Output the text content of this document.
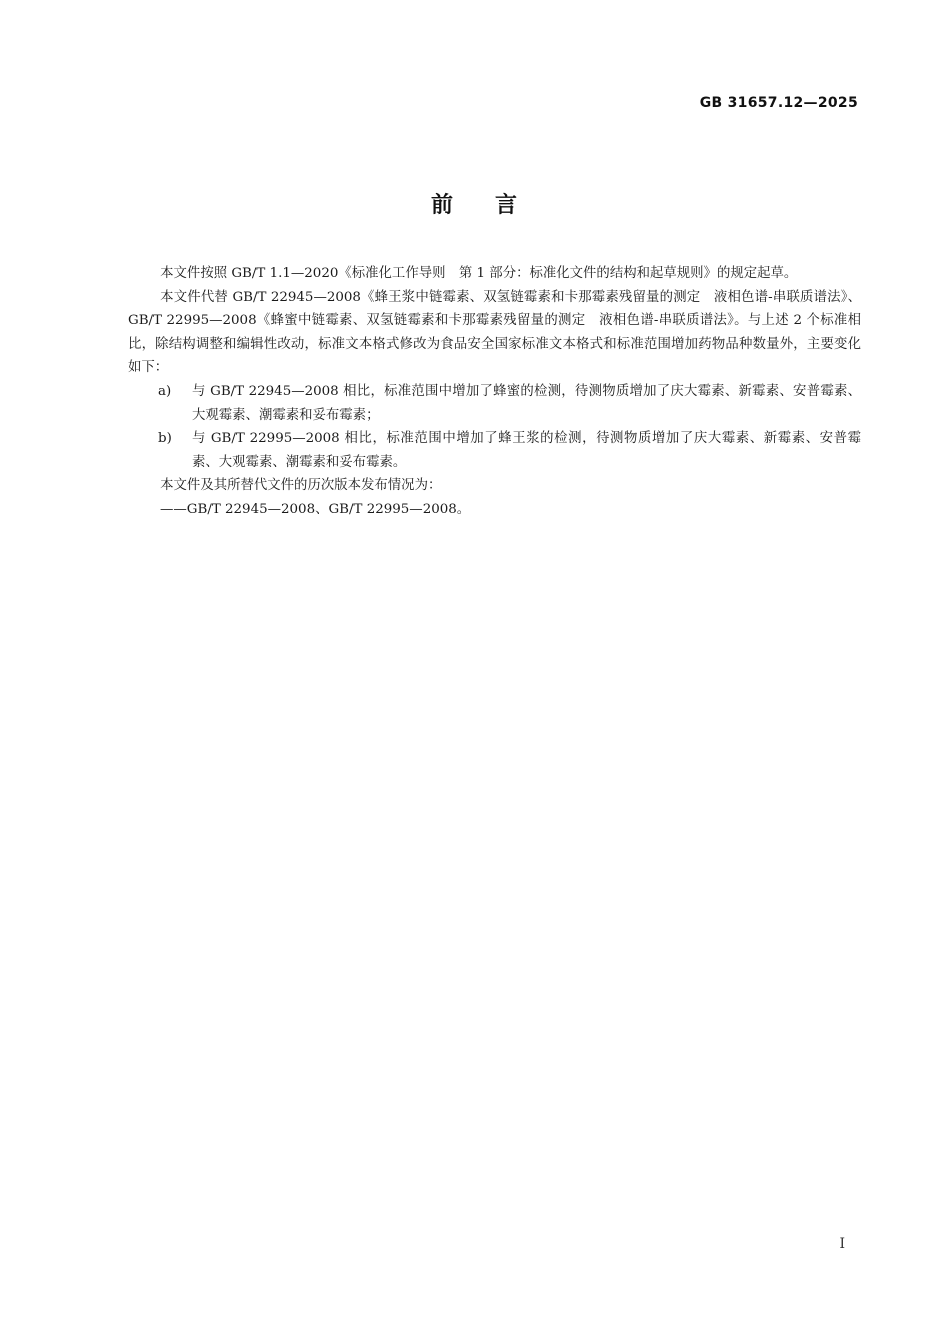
GB 31657.12—2025
前 言

本文件按照 GB/T 1.1—2020《标准化工作导则　第 1 部分：标准化文件的结构和起草规则》的规定起草。

本文件代替 GB/T 22945—2008《蜂王浆中链霉素、双氢链霉素和卡那霉素残留量的测定　液相色谱-串联质谱法》、GB/T 22995—2008《蜂蜜中链霉素、双氢链霉素和卡那霉素残留量的测定　液相色谱-串联质谱法》。与上述 2 个标准相比，除结构调整和编辑性改动，标准文本格式修改为食品安全国家标准文本格式和标准范围增加药物品种数量外，主要变化如下：

a)	与 GB/T 22945—2008 相比，标准范围中增加了蜂蜜的检测，待测物质增加了庆大霉素、新霉素、安普霉素、大观霉素、潮霉素和妥布霉素；
b)	与 GB/T 22995—2008 相比，标准范围中增加了蜂王浆的检测，待测物质增加了庆大霉素、新霉素、安普霉素、大观霉素、潮霉素和妥布霉素。

本文件及其所替代文件的历次版本发布情况为：

——GB/T 22945—2008、GB/T 22995—2008。

I
